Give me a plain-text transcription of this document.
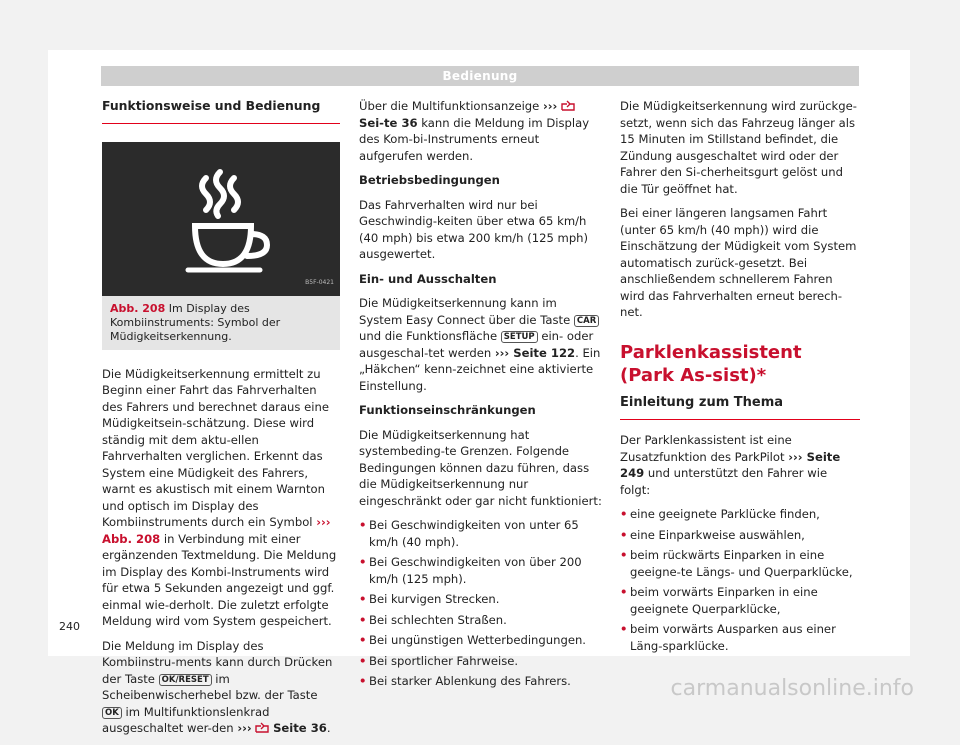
Bedienung
Funktionsweise und Bedienung
B5F-0421
Abb. 208 Im Display des Kombiinstruments: Symbol der Müdigkeitserkennung.

Die Müdigkeitserkennung ermittelt zu Beginn einer Fahrt das Fahrverhalten des Fahrers und berechnet daraus eine Müdigkeitsein-schätzung. Diese wird ständig mit dem aktu-ellen Fahrverhalten verglichen. Erkennt das System eine Müdigkeit des Fahrers, warnt es akustisch mit einem Warnton und optisch im Display des Kombiinstruments durch ein Symbol ››› Abb. 208 in Verbindung mit einer ergänzenden Textmeldung. Die Meldung im Display des Kombi-Instruments wird für etwa 5 Sekunden angezeigt und ggf. einmal wie-derholt. Die zuletzt erfolgte Meldung wird vom System gespeichert.

Die Meldung im Display des Kombiinstru-ments kann durch Drücken der Taste OK/RESET im Scheibenwischerhebel bzw. der Taste OK im Multifunktionslenkrad ausgeschaltet wer-den ››› Seite 36.

Über die Multifunktionsanzeige ›››  Sei-te 36 kann die Meldung im Display des Kom-bi-Instruments erneut aufgerufen werden.

Betriebsbedingungen

Das Fahrverhalten wird nur bei Geschwindig-keiten über etwa 65 km/h (40 mph) bis etwa 200 km/h (125 mph) ausgewertet.

Ein- und Ausschalten

Die Müdigkeitserkennung kann im System Easy Connect über die Taste CAR und die Funktionsfläche SETUP ein- oder ausgeschal-tet werden ››› Seite 122. Ein „Häkchen“ kenn-zeichnet eine aktivierte Einstellung.

Funktionseinschränkungen

Die Müdigkeitserkennung hat systembeding-te Grenzen. Folgende Bedingungen können dazu führen, dass die Müdigkeitserkennung nur eingeschränkt oder gar nicht funktioniert:

• Bei Geschwindigkeiten von unter 65 km/h (40 mph).
• Bei Geschwindigkeiten von über 200 km/h (125 mph).
• Bei kurvigen Strecken.
• Bei schlechten Straßen.
• Bei ungünstigen Wetterbedingungen.
• Bei sportlicher Fahrweise.
• Bei starker Ablenkung des Fahrers.

Die Müdigkeitserkennung wird zurückge-setzt, wenn sich das Fahrzeug länger als 15 Minuten im Stillstand befindet, die Zündung ausgeschaltet wird oder der Fahrer den Si-cherheitsgurt gelöst und die Tür geöffnet hat.

Bei einer längeren langsamen Fahrt (unter 65 km/h (40 mph)) wird die Einschätzung der Müdigkeit vom System automatisch zurück-gesetzt. Bei anschließendem schnellerem Fahren wird das Fahrverhalten erneut berech-net.

Parklenkassistent (Park As-sist)*
Einleitung zum Thema

Der Parklenkassistent ist eine Zusatzfunktion des ParkPilot ››› Seite 249 und unterstützt den Fahrer wie folgt:

• eine geeignete Parklücke finden,
• eine Einparkweise auswählen,
• beim rückwärts Einparken in eine geeigne-te Längs- und Querparklücke,
• beim vorwärts Einparken in eine geeignete Querparklücke,
• beim vorwärts Ausparken aus einer Läng-sparklücke.
240
carmanualsonline.info
